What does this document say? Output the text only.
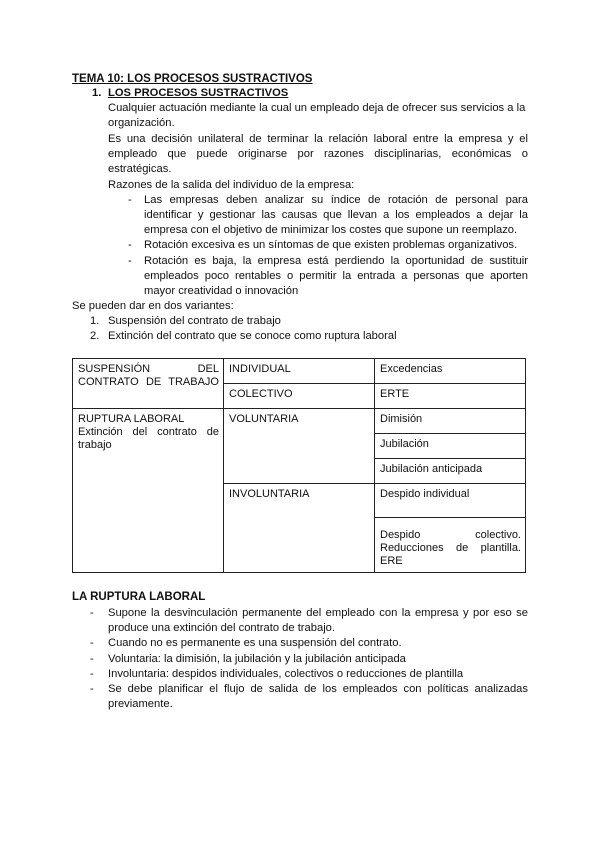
TEMA 10: LOS PROCESOS SUSTRACTIVOS
1. LOS PROCESOS SUSTRACTIVOS
Cualquier actuación mediante la cual un empleado deja de ofrecer sus servicios a la
organización.
Es una decisión unilateral de terminar la relación laboral entre la empresa y el
empleado que puede originarse por razones disciplinarias, económicas o
estratégicas.
Razones de la salida del individuo de la empresa:
- Las empresas deben analizar su índice de rotación de personal para
identificar y gestionar las causas que llevan a los empleados a dejar la
empresa con el objetivo de minimizar los costes que supone un reemplazo.
- Rotación excesiva es un síntomas de que existen problemas organizativos.
- Rotación es baja, la empresa está perdiendo la oportunidad de sustituir
empleados poco rentables o permitir la entrada a personas que aporten
mayor creatividad o innovación
Se pueden dar en dos variantes:
1. Suspensión del contrato de trabajo
2. Extinción del contrato que se conoce como ruptura laboral
SUSPENSIÓN DEL CONTRATO DE TRABAJO	INDIVIDUAL	Excedencias
	COLECTIVO	ERTE

RUPTURA LABORAL
Extinción del contrato de trabajo	VOLUNTARIA	Dimisión
		Jubilación
		Jubilación anticipada
	INVOLUNTARIA	Despido individual

		Despido colectivo. Reducciones de plantilla. ERE
LA RUPTURA LABORAL
- Supone la desvinculación permanente del empleado con la empresa y por eso se
produce una extinción del contrato de trabajo.
- Cuando no es permanente es una suspensión del contrato.
- Voluntaria: la dimisión, la jubilación y la jubilación anticipada
- Involuntaria: despidos individuales, colectivos o reducciones de plantilla
- Se debe planificar el flujo de salida de los empleados con políticas analizadas
previamente.
